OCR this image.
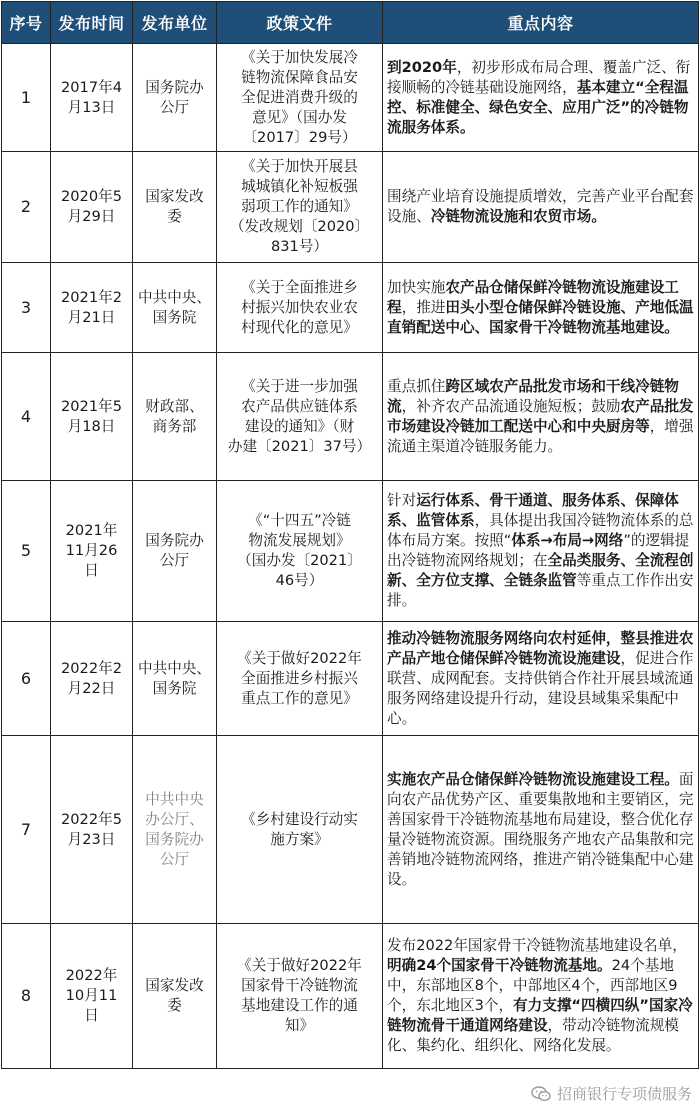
序号	发布时间	发布单位	政策文件	重点内容
1	2017年4
月13日	国务院办
公厅	《关于加快发展冷
链物流保障食品安
全促进消费升级的
意见》（国办发
〔2017〕29号）	到2020年，初步形成布局合理、覆盖广泛、衔接顺畅的冷链基础设施网络，基本建立“全程温控、标准健全、绿色安全、应用广泛”的冷链物流服务体系。
2	2020年5
月29日	国家发改
委	《关于加快开展县
城城镇化补短板强
弱项工作的通知》
（发改规划〔2020〕
831号）	围绕产业培育设施提质增效，完善产业平台配套设施、冷链物流设施和农贸市场。
3	2021年2
月21日	中共中央、
国务院	《关于全面推进乡
村振兴加快农业农
村现代化的意见》	加快实施农产品仓储保鲜冷链物流设施建设工程，推进田头小型仓储保鲜冷链设施、产地低温直销配送中心、国家骨干冷链物流基地建设。
4	2021年5
月18日	财政部、
商务部	《关于进一步加强
农产品供应链体系
建设的通知》（财
办建〔2021〕37号）	重点抓住跨区域农产品批发市场和干线冷链物流，补齐农产品流通设施短板；鼓励农产品批发市场建设冷链加工配送中心和中央厨房等，增强流通主渠道冷链服务能力。
5	2021年
11月26
日	国务院办
公厅	《“十四五”冷链
物流发展规划》
（国办发〔2021〕
46号）	针对运行体系、骨干通道、服务体系、保障体系、监管体系，具体提出我国冷链物流体系的总体布局方案。按照“体系→布局→网络”的逻辑提出冷链物流网络规划；在全品类服务、全流程创新、全方位支撑、全链条监管等重点工作作出安排。
6	2022年2
月22日	中共中央、
国务院	《关于做好2022年
全面推进乡村振兴
重点工作的意见》	推动冷链物流服务网络向农村延伸，整县推进农产品产地仓储保鲜冷链物流设施建设，促进合作联营、成网配套。支持供销合作社开展县域流通服务网络建设提升行动，建设县域集采集配中心。
7	2022年5
月23日	中共中央
办公厅、
国务院办
公厅	《乡村建设行动实
施方案》	实施农产品仓储保鲜冷链物流设施建设工程。面向农产品优势产区、重要集散地和主要销区，完善国家骨干冷链物流基地布局建设，整合优化存量冷链物流资源。围绕服务产地农产品集散和完善销地冷链物流网络，推进产销冷链集配中心建设。
8	2022年
10月11
日	国家发改
委	《关于做好2022年
国家骨干冷链物流
基地建设工作的通
知》	发布2022年国家骨干冷链物流基地建设名单，明确24个国家骨干冷链物流基地。24个基地中，东部地区8个，中部地区4个，西部地区9个，东北地区3个，有力支撑“四横四纵”国家冷链物流骨干通道网络建设，带动冷链物流规模化、集约化、组织化、网络化发展。
招商银行专项债服务
